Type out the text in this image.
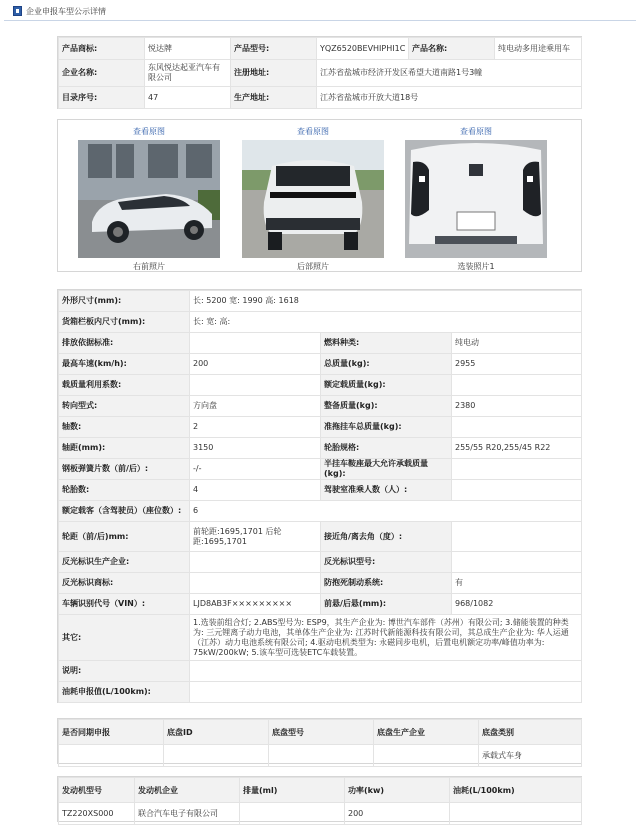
企业申报车型公示详情
产品商标:	悦达牌	产品型号:	YQZ6520BEVHIPHI1C	产品名称:	纯电动多用途乘用车
企业名称:	东风悦达起亚汽车有限公司	注册地址:	江苏省盐城市经济开发区希望大道南路1号3幢		
目录序号:	47	生产地址:	江苏省盐城市开放大道18号		
查看原图
右前照片
查看原图
后部照片
查看原图
选装照片1
外形尺寸(mm):	长: 5200 宽: 1990 高: 1618		
货箱栏板内尺寸(mm):	长: 宽: 高:		
排放依据标准:		燃料种类:	纯电动
最高车速(km/h):	200	总质量(kg):	2955
载质量利用系数:		额定载质量(kg):	
转向型式:	方向盘	整备质量(kg):	2380
轴数:	2	准拖挂车总质量(kg):	
轴距(mm):	3150	轮胎规格:	255/55 R20,255/45 R22
钢板弹簧片数（前/后）:	-/-	半挂车鞍座最大允许承载质量(kg):	
轮胎数:	4	驾驶室准乘人数（人）:	
额定载客（含驾驶员）（座位数）:	6		
轮距（前/后)mm:	前轮距:1695,1701 后轮距:1695,1701	接近角/离去角（度）:	
反光标识生产企业:		反光标识型号:	
反光标识商标:		防抱死制动系统:	有
车辆识别代号（VIN）:	LJD8AB3F×××××××××	前悬/后悬(mm):	968/1082
其它:	1.选装前组合灯; 2.ABS型号为: ESP9，其生产企业为: 博世汽车部件（苏州）有限公司; 3.储能装置的种类为: 三元锂离子动力电池，其单体生产企业为: 江苏时代新能源科技有限公司，其总成生产企业为: 华人运通（江苏）动力电池系统有限公司; 4.驱动电机类型为: 永磁同步电机，后置电机额定功率/峰值功率为: 75kW/200kW; 5.该车型可选装ETC车载装置。		
说明:			
油耗申报值(L/100km):			
是否同期申报	底盘ID	底盘型号	底盘生产企业	底盘类别
				承载式车身
发动机型号	发动机企业	排量(ml)	功率(kw)	油耗(L/100km)
TZ220XS000	联合汽车电子有限公司		200	
